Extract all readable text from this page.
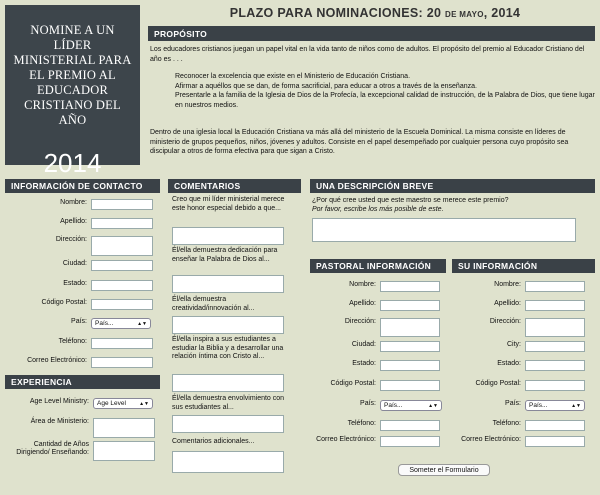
NOMINE A UN LÍDER MINISTERIAL PARA EL PREMIO AL EDUCADOR CRISTIANO DEL AÑO
2014
PLAZO PARA NOMINACIONES: 20 DE MAYO, 2014
PROPÓSITO
Los educadores cristianos juegan un papel vital en la vida tanto de niños como de adultos. El propósito del premio al Educador Cristiano del año es . . .
Reconocer la excelencia que existe en el Ministerio de Educación Cristiana.
Afirmar a aquéllos que se dan, de forma sacrificial, para educar a otros a través de la enseñanza.
Presentarle a la familia de la Iglesia de Dios de la Profecía, la excepcional calidad de instrucción, de la Palabra de Dios, que tiene lugar en nuestros medios.
Dentro de una iglesia local la Educación Cristiana va más allá del ministerio de la Escuela Dominical. La misma consiste en líderes de ministerio de grupos pequeños, niños, jóvenes y adultos. Consiste en el papel desempeñado por cualquier persona cuyo propósito sea discipular a otros de forma efectiva para que sigan a Cristo.
INFORMACIÓN DE CONTACTO
Nombre:
Apellido:
Dirección:
Ciudad:
Estado:
Código Postal:
País:	País...	▲▼
Teléfono:
Correo Electrónico:
EXPERIENCIA
Age Level Ministry:	Age Level	▲▼
Área de Ministerio:
Cantidad de Años Dirigiendo/ Enseñando:
COMENTARIOS
Creo que mi líder ministerial merece este honor especial debido a que...
Él/ella demuestra dedicación para enseñar la Palabra de Dios al...
Él/ella demuestra creatividad/innovación al...
Él/ella inspira a sus estudiantes a estudiar la Biblia y a desarrollar una relación íntima con Cristo al...
Él/ella demuestra envolvimiento con sus estudiantes al...
Comentarios adicionales...
UNA DESCRIPCIÓN BREVE
¿Por qué cree usted que este maestro se merece este premio?
Por favor, escribe los más posible de este.
PASTORAL INFORMACIÓN
Nombre:
Apellido:
Dirección:
Ciudad:
Estado:
Código Postal:
País:	País...	▲▼
Teléfono:
Correo Electrónico:
SU INFORMACIÓN
Nombre:
Apellido:
Dirección:
City:
Estado:
Código Postal:
País:	País...	▲▼
Teléfono:
Correo Electrónico:
Someter el Formulario
